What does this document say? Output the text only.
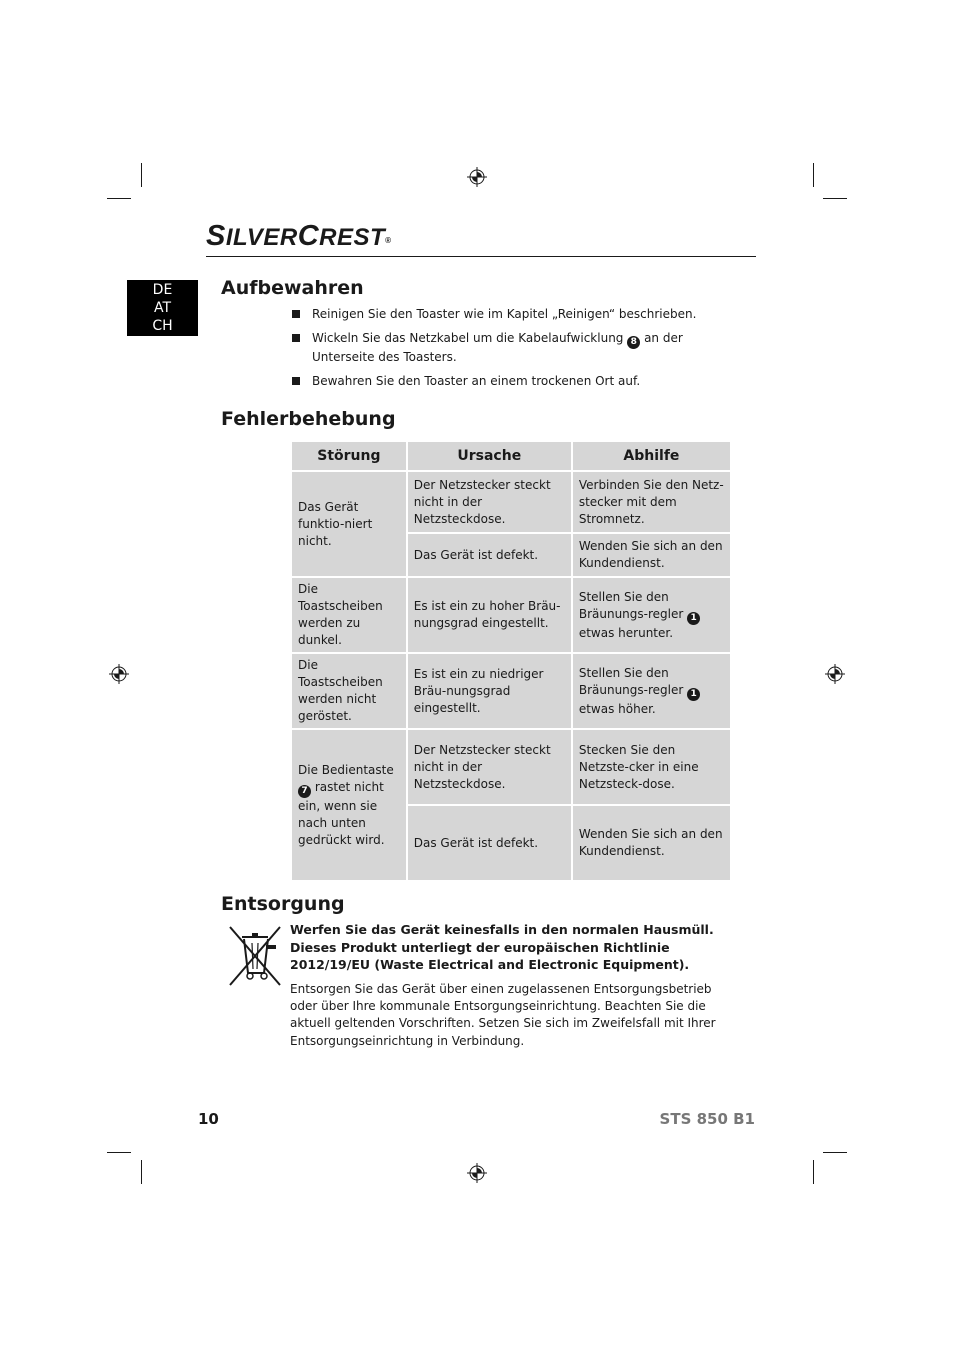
SILVERCREST®
DE
AT
CH
Aufbewahren
Reinigen Sie den Toaster wie im Kapitel „Reinigen“ beschrieben.
Wickeln Sie das Netzkabel um die Kabelaufwicklung 8 an der Unterseite des Toasters.
Bewahren Sie den Toaster an einem trockenen Ort auf.
Fehlerbehebung
Störung	Ursache	Abhilfe
Das Gerät funktio-niert nicht.	Der Netzstecker steckt nicht in der Netzsteckdose.	Verbinden Sie den Netz-stecker mit dem Stromnetz.
	Das Gerät ist defekt.	Wenden Sie sich an den Kundendienst.
Die Toastscheiben werden zu dunkel.	Es ist ein zu hoher Bräu-nungsgrad eingestellt.	Stellen Sie den Bräunungs-regler 1 etwas herunter.
Die Toastscheiben werden nicht geröstet.	Es ist ein zu niedriger Bräu-nungsgrad eingestellt.	Stellen Sie den Bräunungs-regler 1 etwas höher.
Die Bedientaste 7 rastet nicht ein, wenn sie nach unten gedrückt wird.	Der Netzstecker steckt nicht in der Netzsteckdose.	Stecken Sie den Netzste-cker in eine Netzsteck-dose.
	Das Gerät ist defekt.	Wenden Sie sich an den Kundendienst.
Entsorgung
Werfen Sie das Gerät keinesfalls in den normalen Hausmüll. Dieses Produkt unterliegt der europäischen Richtlinie 2012/19/EU (Waste Electrical and Electronic Equipment).
Entsorgen Sie das Gerät über einen zugelassenen Entsorgungsbetrieb oder über Ihre kommunale Entsorgungseinrichtung. Beachten Sie die aktuell geltenden Vorschriften. Setzen Sie sich im Zweifelsfall mit Ihrer Entsorgungseinrichtung in Verbindung.
10	STS 850 B1
